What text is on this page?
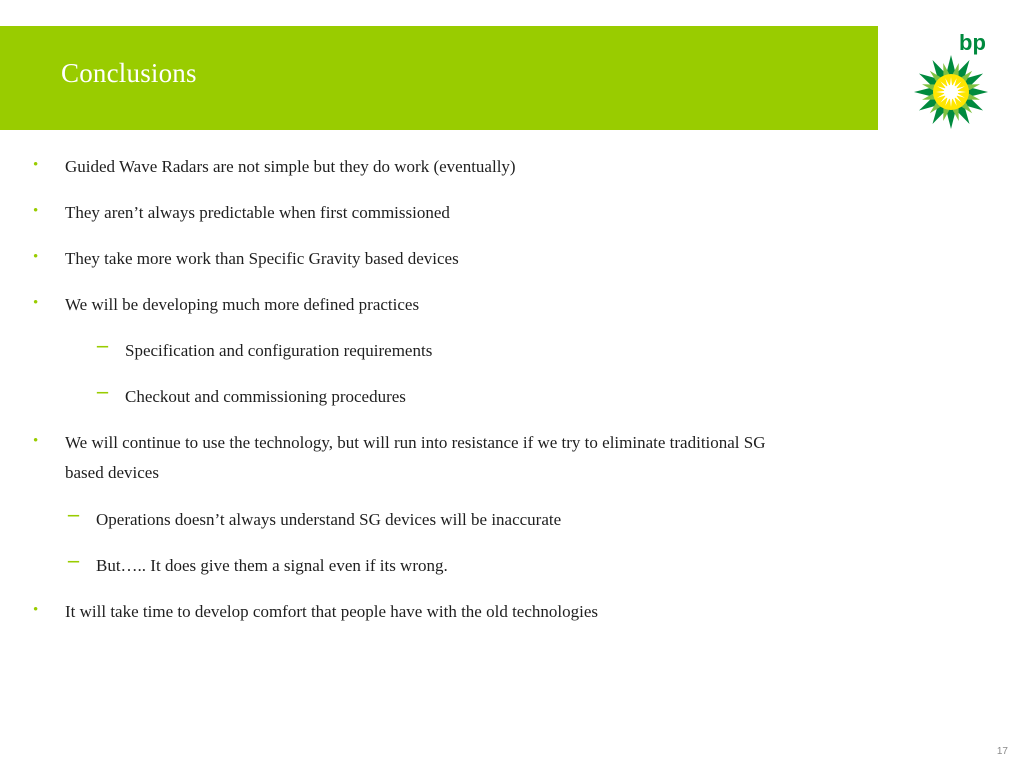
Conclusions
bp
• Guided Wave Radars are not simple but they do work (eventually)
• They aren’t always predictable when first commissioned
• They take more work than Specific Gravity based devices
• We will be developing much more defined practices
– Specification and configuration requirements
– Checkout and commissioning procedures
• We will continue to use the technology, but will run into resistance if we try to eliminate traditional SG
based devices
– Operations doesn’t always understand SG devices will be inaccurate
– But….. It does give them a signal even if its wrong.
• It will take time to develop comfort that people have with the old technologies
17
